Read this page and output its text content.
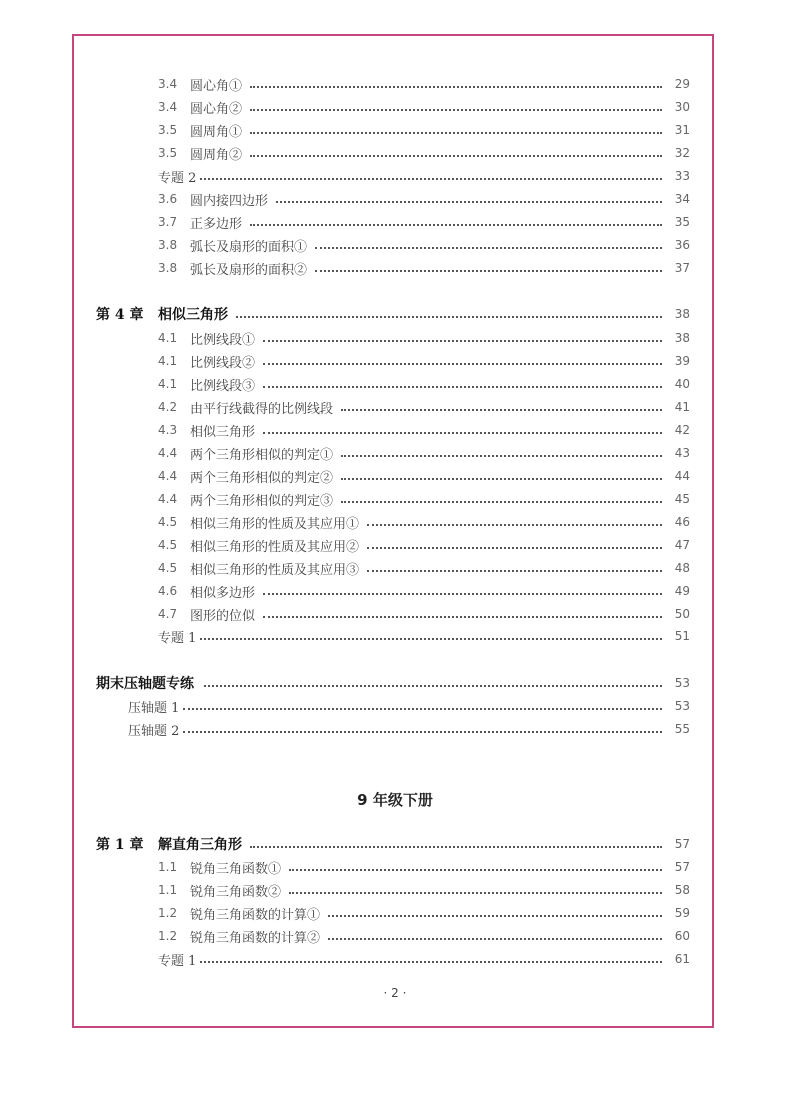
3.4 圆心角①	29
3.4 圆心角②	30
3.5 圆周角①	31
3.5 圆周角②	32
专题 2	33
3.6 圆内接四边形	34
3.7 正多边形	35
3.8 弧长及扇形的面积①	36
3.8 弧长及扇形的面积②	37
第 4 章	相似三角形	38
4.1 比例线段①	38
4.1 比例线段②	39
4.1 比例线段③	40
4.2 由平行线截得的比例线段	41
4.3 相似三角形	42
4.4 两个三角形相似的判定①	43
4.4 两个三角形相似的判定②	44
4.4 两个三角形相似的判定③	45
4.5 相似三角形的性质及其应用①	46
4.5 相似三角形的性质及其应用②	47
4.5 相似三角形的性质及其应用③	48
4.6 相似多边形	49
4.7 图形的位似	50
专题 1	51
期末压轴题专练	53
压轴题 1	53
压轴题 2	55
9 年级下册
第 1 章	解直角三角形	57
1.1 锐角三角函数①	57
1.1 锐角三角函数②	58
1.2 锐角三角函数的计算①	59
1.2 锐角三角函数的计算②	60
专题 1	61
· 2 ·
